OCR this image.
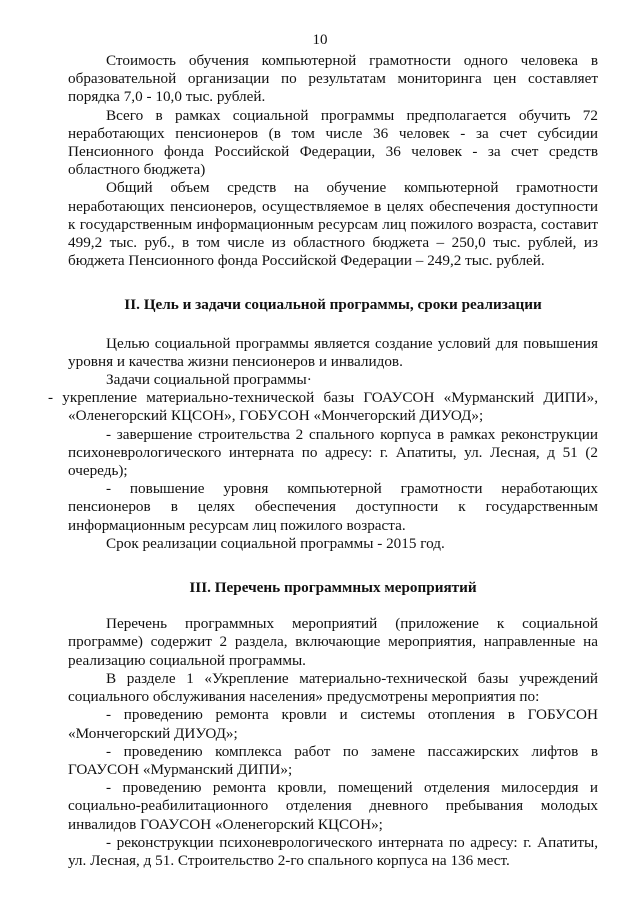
10

Стоимость обучения компьютерной грамотности одного человека в образовательной организации по результатам мониторинга цен составляет порядка 7,0 - 10,0 тыс. рублей.

Всего в рамках социальной программы предполагается обучить 72 неработающих пенсионеров (в том числе 36 человек - за счет субсидии Пенсионного фонда Российской Федерации, 36 человек - за счет средств областного бюджета)

Общий объем средств на обучение компьютерной грамотности неработающих пенсионеров, осуществляемое в целях обеспечения доступности к государственным информационным ресурсам лиц пожилого возраста, составит 499,2 тыс. руб., в том числе из областного бюджета – 250,0 тыс. рублей, из бюджета Пенсионного фонда Российской Федерации – 249,2 тыс. рублей.

II. Цель и задачи социальной программы, сроки реализации

Целью социальной программы является создание условий для повышения уровня и качества жизни пенсионеров и инвалидов.

Задачи социальной программы·

- укрепление материально-технической базы ГОАУСОН «Мурманский ДИПИ», «Оленегорский КЦСОН», ГОБУСОН «Мончегорский ДИУОД»;

- завершение строительства 2 спального корпуса в рамках реконструкции психоневрологического интерната по адресу: г. Апатиты, ул. Лесная, д 51 (2 очередь);

- повышение уровня компьютерной грамотности неработающих пенсионеров в целях обеспечения доступности к государственным информационным ресурсам лиц пожилого возраста.

Срок реализации социальной программы - 2015 год.

III. Перечень программных мероприятий

Перечень программных мероприятий (приложение к социальной программе) содержит 2 раздела, включающие мероприятия, направленные на реализацию социальной программы.

В разделе 1 «Укрепление материально-технической базы учреждений социального обслуживания населения» предусмотрены мероприятия по:

- проведению ремонта кровли и системы отопления в ГОБУСОН «Мончегорский ДИУОД»;

- проведению комплекса работ по замене пассажирских лифтов в ГОАУСОН «Мурманский ДИПИ»;

- проведению ремонта кровли, помещений отделения милосердия и социально-реабилитационного отделения дневного пребывания молодых инвалидов ГОАУСОН «Оленегорский КЦСОН»;

- реконструкции психоневрологического интерната по адресу: г. Апатиты, ул. Лесная, д 51. Строительство 2-го спального корпуса на 136 мест.
